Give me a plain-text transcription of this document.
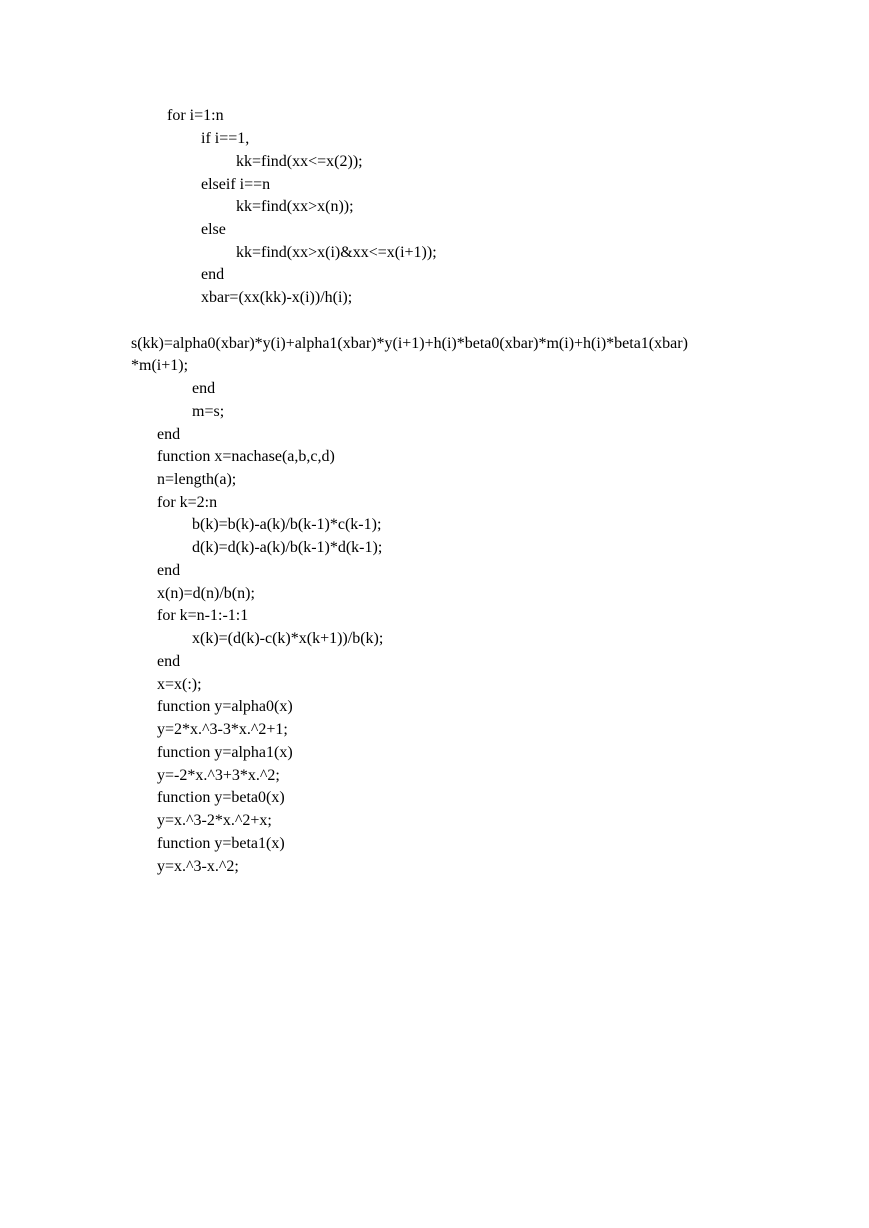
for i=1:n
if i==1,
kk=find(xx<=x(2));
elseif i==n
kk=find(xx>x(n));
else
kk=find(xx>x(i)&xx<=x(i+1));
end
xbar=(xx(kk)-x(i))/h(i);
s(kk)=alpha0(xbar)*y(i)+alpha1(xbar)*y(i+1)+h(i)*beta0(xbar)*m(i)+h(i)*beta1(xbar)
*m(i+1);
end
m=s;
end
function x=nachase(a,b,c,d)
n=length(a);
for k=2:n
b(k)=b(k)-a(k)/b(k-1)*c(k-1);
d(k)=d(k)-a(k)/b(k-1)*d(k-1);
end
x(n)=d(n)/b(n);
for k=n-1:-1:1
x(k)=(d(k)-c(k)*x(k+1))/b(k);
end
x=x(:);
function y=alpha0(x)
y=2*x.^3-3*x.^2+1;
function y=alpha1(x)
y=-2*x.^3+3*x.^2;
function y=beta0(x)
y=x.^3-2*x.^2+x;
function y=beta1(x)
y=x.^3-x.^2;
